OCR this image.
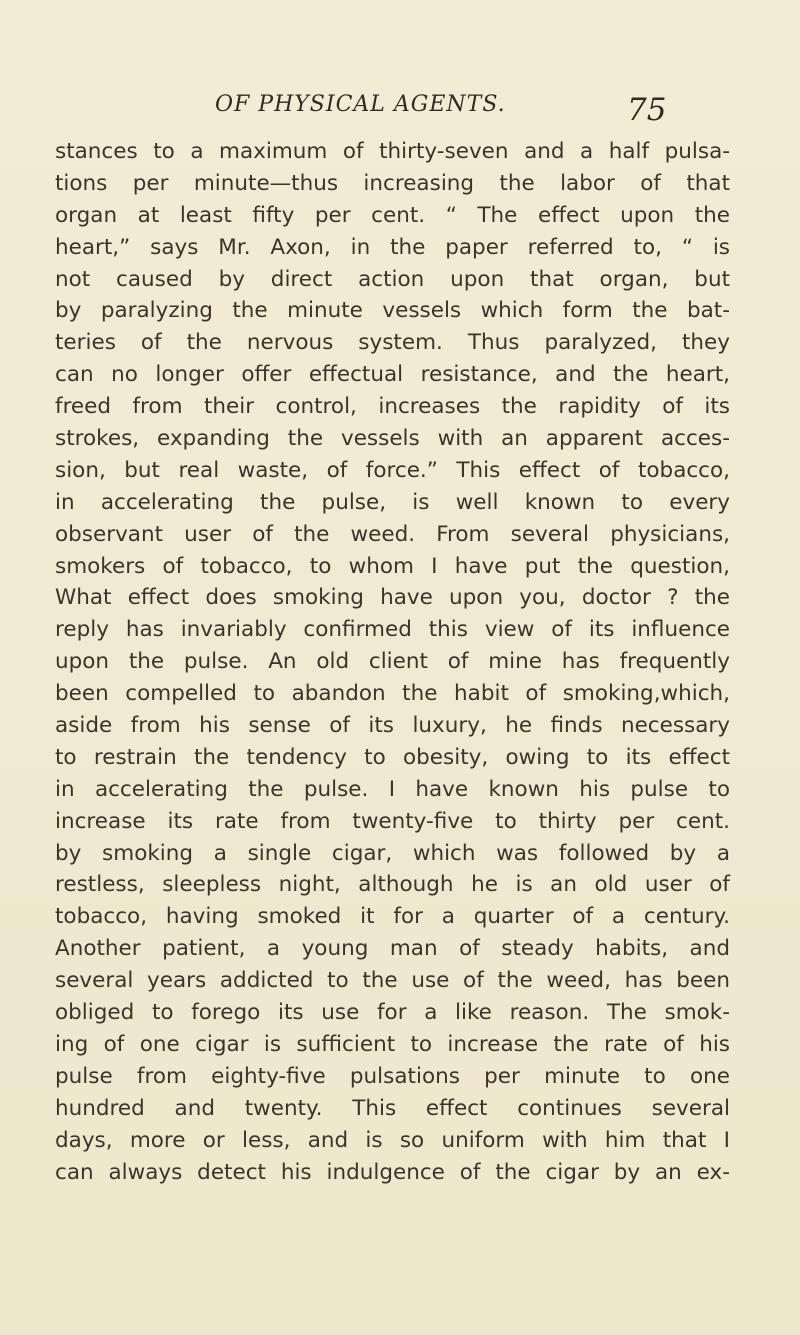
OF PHYSICAL AGENTS.	75
stances to a maximum of thirty-seven and a half pulsa-
tions per minute—thus increasing the labor of that
organ at least fifty per cent. “ The effect upon the
heart,” says Mr. Axon, in the paper referred to, “ is
not caused by direct action upon that organ, but
by paralyzing the minute vessels which form the bat-
teries of the nervous system. Thus paralyzed, they
can no longer offer effectual resistance, and the heart,
freed from their control, increases the rapidity of its
strokes, expanding the vessels with an apparent acces-
sion, but real waste, of force.” This effect of tobacco,
in accelerating the pulse, is well known to every
observant user of the weed. From several physicians,
smokers of tobacco, to whom I have put the question,
What effect does smoking have upon you, doctor ? the
reply has invariably confirmed this view of its influence
upon the pulse. An old client of mine has frequently
been compelled to abandon the habit of smoking,which,
aside from his sense of its luxury, he finds necessary
to restrain the tendency to obesity, owing to its effect
in accelerating the pulse. I have known his pulse to
increase its rate from twenty-five to thirty per cent.
by smoking a single cigar, which was followed by a
restless, sleepless night, although he is an old user of
tobacco, having smoked it for a quarter of a century.
Another patient, a young man of steady habits, and
several years addicted to the use of the weed, has been
obliged to forego its use for a like reason. The smok-
ing of one cigar is sufficient to increase the rate of his
pulse from eighty-five pulsations per minute to one
hundred and twenty. This effect continues several
days, more or less, and is so uniform with him that I
can always detect his indulgence of the cigar by an ex-
